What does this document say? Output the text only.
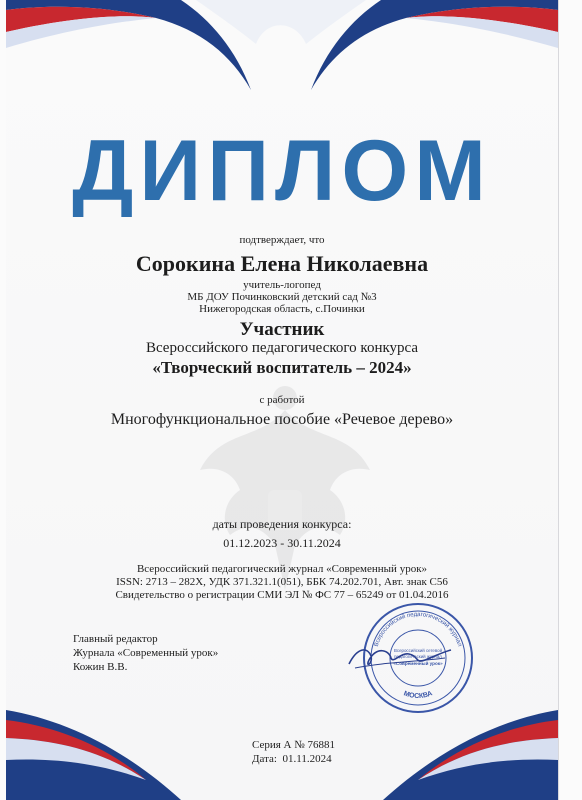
ДИПЛОМ
подтверждает, что
Сорокина Елена Николаевна
учитель-логопед
МБ ДОУ Починковский детский сад №3
Нижегородская область, с.Починки
Участник
Всероссийского педагогического конкурса
«Творческий воспитатель – 2024»
с работой
Многофункциональное пособие «Речевое дерево»
даты проведения конкурса:
01.12.2023 - 30.11.2024
Всероссийский педагогический журнал «Современный урок»
ISSN: 2713 – 282X, УДК 371.321.1(051), ББК 74.202.701, Авт. знак С56
Свидетельство о регистрации СМИ ЭЛ № ФС 77 – 65249 от 01.04.2016
Главный редактор
Журнала «Современный урок»
Кожин В.В.
Всероссийский педагогический журнал
МОСКВА
Всероссийский сетевой
педагогический журнал
«Современный урок»
Серия А № 76881
Дата:  01.11.2024
